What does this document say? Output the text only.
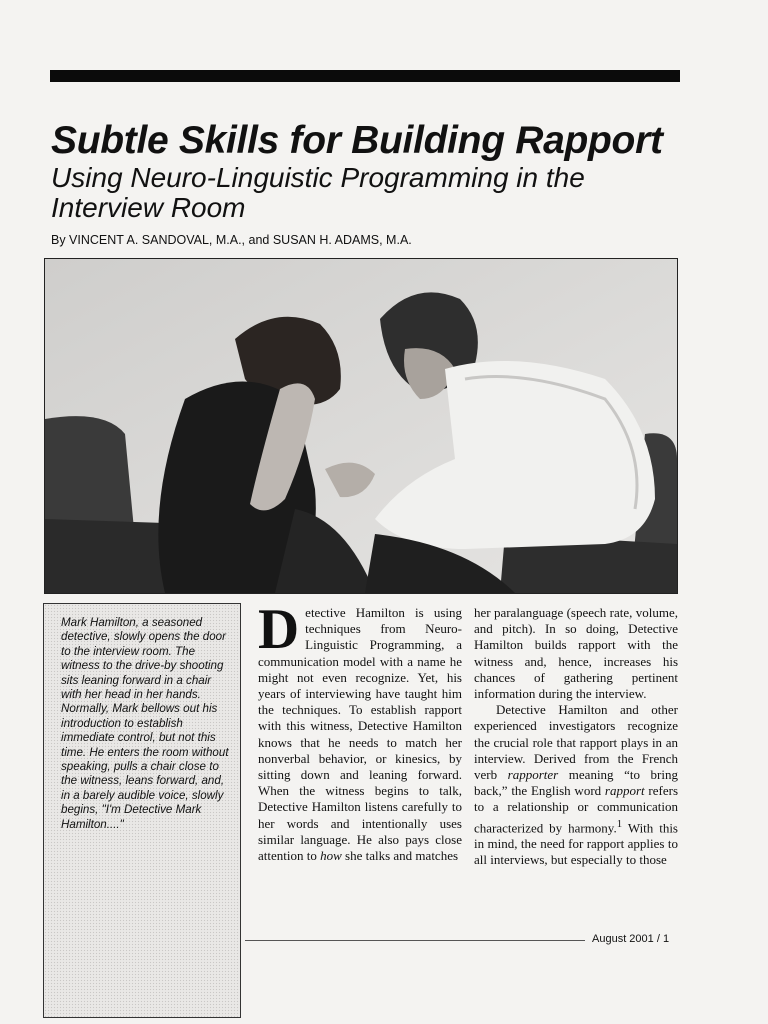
Subtle Skills for Building Rapport
Using Neuro-Linguistic Programming in the Interview Room
By VINCENT A. SANDOVAL, M.A., and SUSAN H. ADAMS, M.A.

Mark Hamilton, a seasoned detective, slowly opens the door to the interview room. The witness to the drive-by shooting sits leaning forward in a chair with her head in her hands. Normally, Mark bellows out his introduction to establish immediate control, but not this time. He enters the room without speaking, pulls a chair close to the witness, leans forward, and, in a barely audible voice, slowly begins, "I'm Detective Mark Hamilton...."

Detective Hamilton is using techniques from Neuro-Linguistic Programming, a communication model with a name he might not even recognize. Yet, his years of interviewing have taught him the techniques. To establish rapport with this witness, Detective Hamilton knows that he needs to match her nonverbal behavior, or kinesics, by sitting down and leaning forward. When the witness begins to talk, Detective Hamilton listens carefully to her words and intentionally uses similar language. He also pays close attention to how she talks and matches

her paralanguage (speech rate, volume, and pitch). In so doing, Detective Hamilton builds rapport with the witness and, hence, increases his chances of gathering pertinent information during the interview.

Detective Hamilton and other experienced investigators recognize the crucial role that rapport plays in an interview. Derived from the French verb rapporter meaning “to bring back,” the English word rapport refers to a relationship or communication characterized by harmony.$^1$ With this in mind, the need for rapport applies to all interviews, but especially to those

August 2001 / 1
